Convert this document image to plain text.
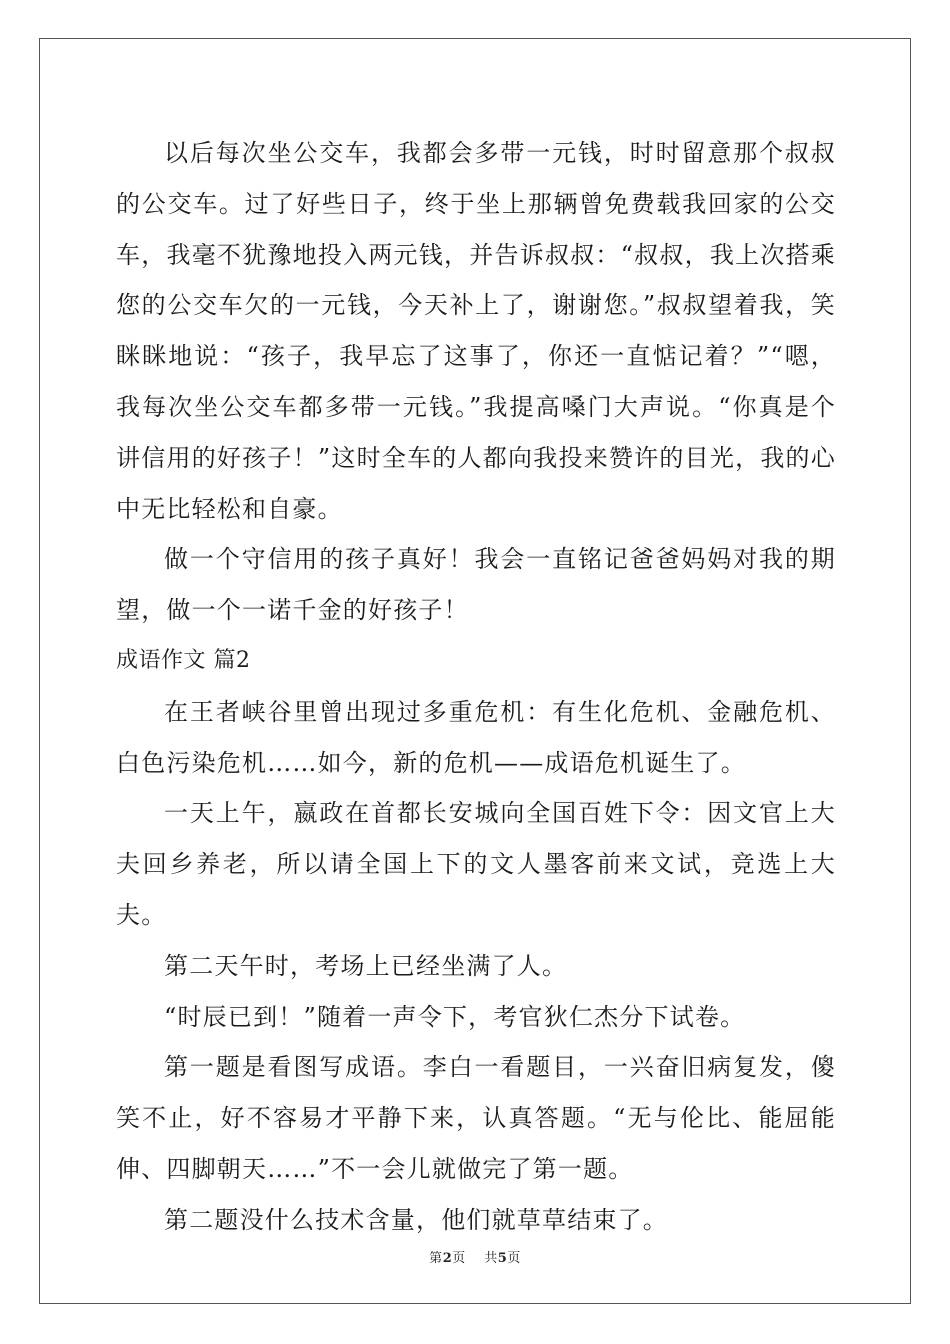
以后每次坐公交车，我都会多带一元钱，时时留意那个叔叔的公交车。过了好些日子，终于坐上那辆曾免费载我回家的公交车，我毫不犹豫地投入两元钱，并告诉叔叔：“叔叔，我上次搭乘您的公交车欠的一元钱，今天补上了，谢谢您。”叔叔望着我，笑眯眯地说：“孩子，我早忘了这事了，你还一直惦记着？”“嗯，我每次坐公交车都多带一元钱。”我提高嗓门大声说。“你真是个讲信用的好孩子！”这时全车的人都向我投来赞许的目光，我的心中无比轻松和自豪。

做一个守信用的孩子真好！我会一直铭记爸爸妈妈对我的期望，做一个一诺千金的好孩子！

成语作文 篇2

在王者峡谷里曾出现过多重危机：有生化危机、金融危机、白色污染危机……如今，新的危机——成语危机诞生了。

一天上午，嬴政在首都长安城向全国百姓下令：因文官上大夫回乡养老，所以请全国上下的文人墨客前来文试，竞选上大夫。

第二天午时，考场上已经坐满了人。

“时辰已到！”随着一声令下，考官狄仁杰分下试卷。

第一题是看图写成语。李白一看题目，一兴奋旧病复发，傻笑不止，好不容易才平静下来，认真答题。“无与伦比、能屈能伸、四脚朝天……”不一会儿就做完了第一题。

第二题没什么技术含量，他们就草草结束了。

第2页    共5页
